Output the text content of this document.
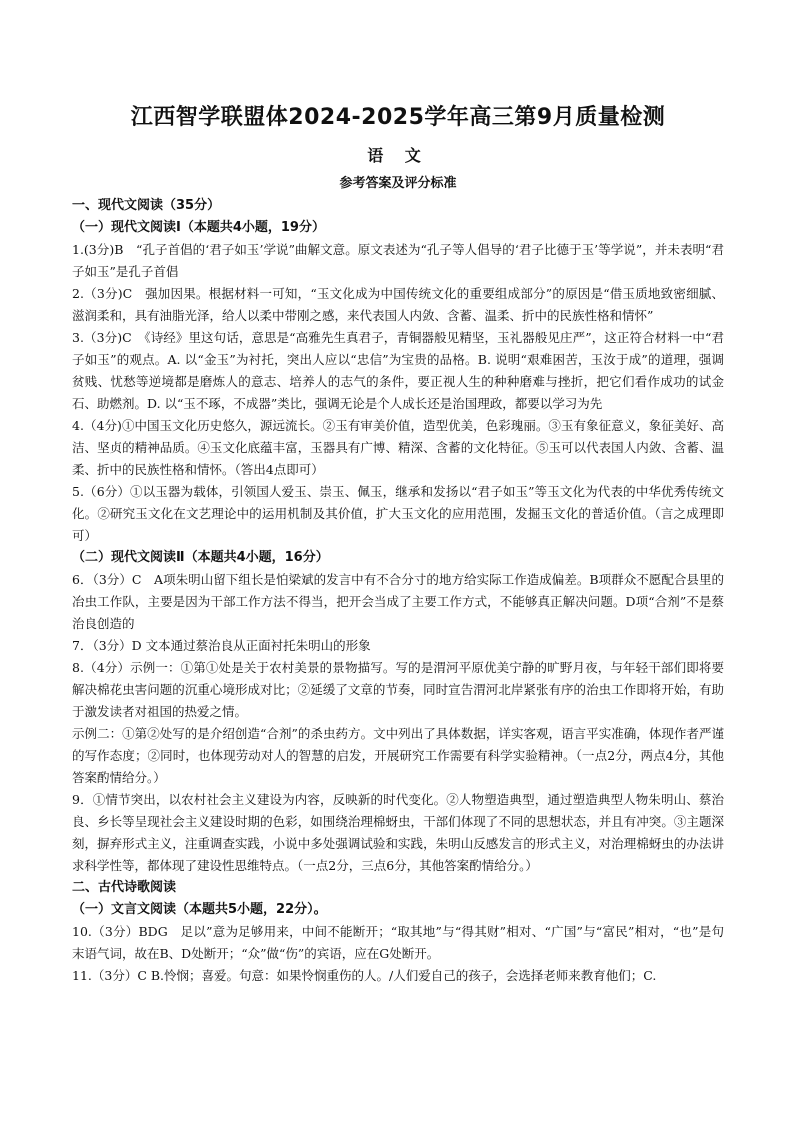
江西智学联盟体2024-2025学年高三第9月质量检测
语 文
参考答案及评分标准

一、现代文阅读（35分）

（一）现代文阅读Ⅰ（本题共4小题，19分）

1.(3分)B　“孔子首倡的‘君子如玉’学说”曲解文意。原文表述为“孔子等人倡导的‘君子比德于玉’等学说”，并未表明“君子如玉”是孔子首倡

2.（3分)C　强加因果。根据材料一可知，“玉文化成为中国传统文化的重要组成部分”的原因是“借玉质地致密细腻、滋润柔和，具有油脂光泽，给人以柔中带刚之感，来代表国人内敛、含蓄、温柔、折中的民族性格和情怀”

3.（3分)C　《诗经》里这句话，意思是“高雅先生真君子，青铜器般见精坚，玉礼器般见庄严”，这正符合材料一中“君子如玉”的观点。A. 以“金玉”为衬托，突出人应以“忠信”为宝贵的品格。B. 说明“艰难困苦，玉汝于成”的道理，强调贫贱、忧愁等逆境都是磨炼人的意志、培养人的志气的条件，要正视人生的种种磨难与挫折，把它们看作成功的试金石、助燃剂。D. 以“玉不琢，不成器”类比，强调无论是个人成长还是治国理政，都要以学习为先

4.（4分)①中国玉文化历史悠久，源远流长。②玉有审美价值，造型优美，色彩瑰丽。③玉有象征意义，象征美好、高洁、坚贞的精神品质。④玉文化底蕴丰富，玉器具有广博、精深、含蓄的文化特征。⑤玉可以代表国人内敛、含蓄、温柔、折中的民族性格和情怀。（答出4点即可）

5.（6分）①以玉器为载体，引领国人爱玉、崇玉、佩玉，继承和发扬以“君子如玉”等玉文化为代表的中华优秀传统文化。②研究玉文化在文艺理论中的运用机制及其价值，扩大玉文化的应用范围，发掘玉文化的普适价值。（言之成理即可）

（二）现代文阅读Ⅱ（本题共4小题，16分）

6．（3分）C　A项朱明山留下组长是怕梁斌的发言中有不合分寸的地方给实际工作造成偏差。B项群众不愿配合县里的冶虫工作队，主要是因为干部工作方法不得当，把开会当成了主要工作方式，不能够真正解决问题。D项“合剂”不是蔡治良创造的

7．（3分）D 文本通过蔡治良从正面衬托朱明山的形象

8.（4分）示例一：①第①处是关于农村美景的景物描写。写的是渭河平原优美宁静的旷野月夜，与年轻干部们即将要解决棉花虫害问题的沉重心境形成对比；②延缓了文章的节奏，同时宣告渭河北岸紧张有序的治虫工作即将开始，有助于激发读者对祖国的热爱之情。

示例二：①第②处写的是介绍创造“合剂”的杀虫药方。文中列出了具体数据，详实客观，语言平实准确，体现作者严谨的写作态度；②同时，也体现劳动对人的智慧的启发，开展研究工作需要有科学实验精神。（一点2分，两点4分，其他答案酌情给分。）

9．①情节突出，以农村社会主义建设为内容，反映新的时代变化。②人物塑造典型，通过塑造典型人物朱明山、蔡治良、乡长等呈现社会主义建设时期的色彩，如围绕治理棉蚜虫，干部们体现了不同的思想状态，并且有冲突。③主题深刻，摒弃形式主义，注重调查实践，小说中多处强调试验和实践，朱明山反感发言的形式主义，对治理棉蚜虫的办法讲求科学性等，都体现了建设性思维特点。（一点2分，三点6分，其他答案酌情给分。）

二、古代诗歌阅读

（一）文言文阅读（本题共5小题，22分）。

10.（3分）BDG　足以”意为足够用来，中间不能断开；“取其地”与“得其财”相对、“广国”与“富民”相对，“也”是句末语气词，故在B、D处断开；“众”做“伤”的宾语，应在G处断开。

11.（3分）C B.怜悯；喜爱。句意：如果怜悯重伤的人。/人们爱自己的孩子，会选择老师来教育他们；C.
